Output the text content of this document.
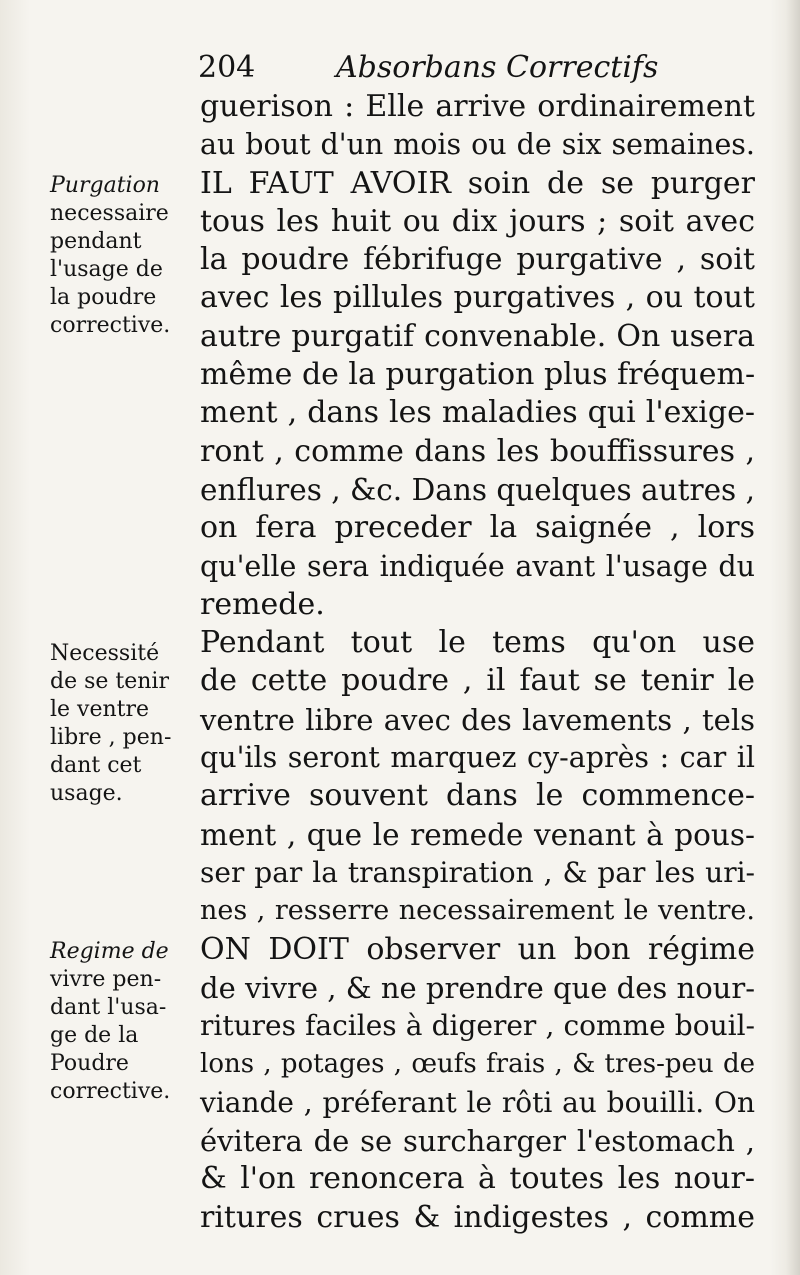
204	Absorbans Correctifs
Purgation
necessaire
pendant
l'usage de
la poudre
corrective.
Necessité
de se tenir
le ventre
libre , pen-
dant cet
usage.
Regime de
vivre pen-
dant l'usa-
ge de la
Poudre
corrective.
guerison : Elle arrive ordinairement
au bout d'un mois ou de six semaines.
IL FAUT AVOIR soin de se purger
tous les huit ou dix jours ; soit avec
la poudre fébrifuge purgative , soit
avec les pillules purgatives , ou tout
autre purgatif convenable. On usera
même de la purgation plus fréquem-
ment , dans les maladies qui l'exige-
ront , comme dans les bouffissures ,
enflures , &c. Dans quelques autres ,
on fera preceder la saignée , lors
qu'elle sera indiquée avant l'usage du
remede.
Pendant tout le tems qu'on use
de cette poudre , il faut se tenir le
ventre libre avec des lavements , tels
qu'ils seront marquez cy-après : car il
arrive souvent dans le commence-
ment , que le remede venant à pous-
ser par la transpiration , & par les uri-
nes , resserre necessairement le ventre.
ON DOIT observer un bon régime
de vivre , & ne prendre que des nour-
ritures faciles à digerer , comme bouil-
lons , potages , œufs frais , & tres-peu de
viande , préferant le rôti au bouilli. On
évitera de se surcharger l'estomach ,
& l'on renoncera à toutes les nour-
ritures crues & indigestes , comme
